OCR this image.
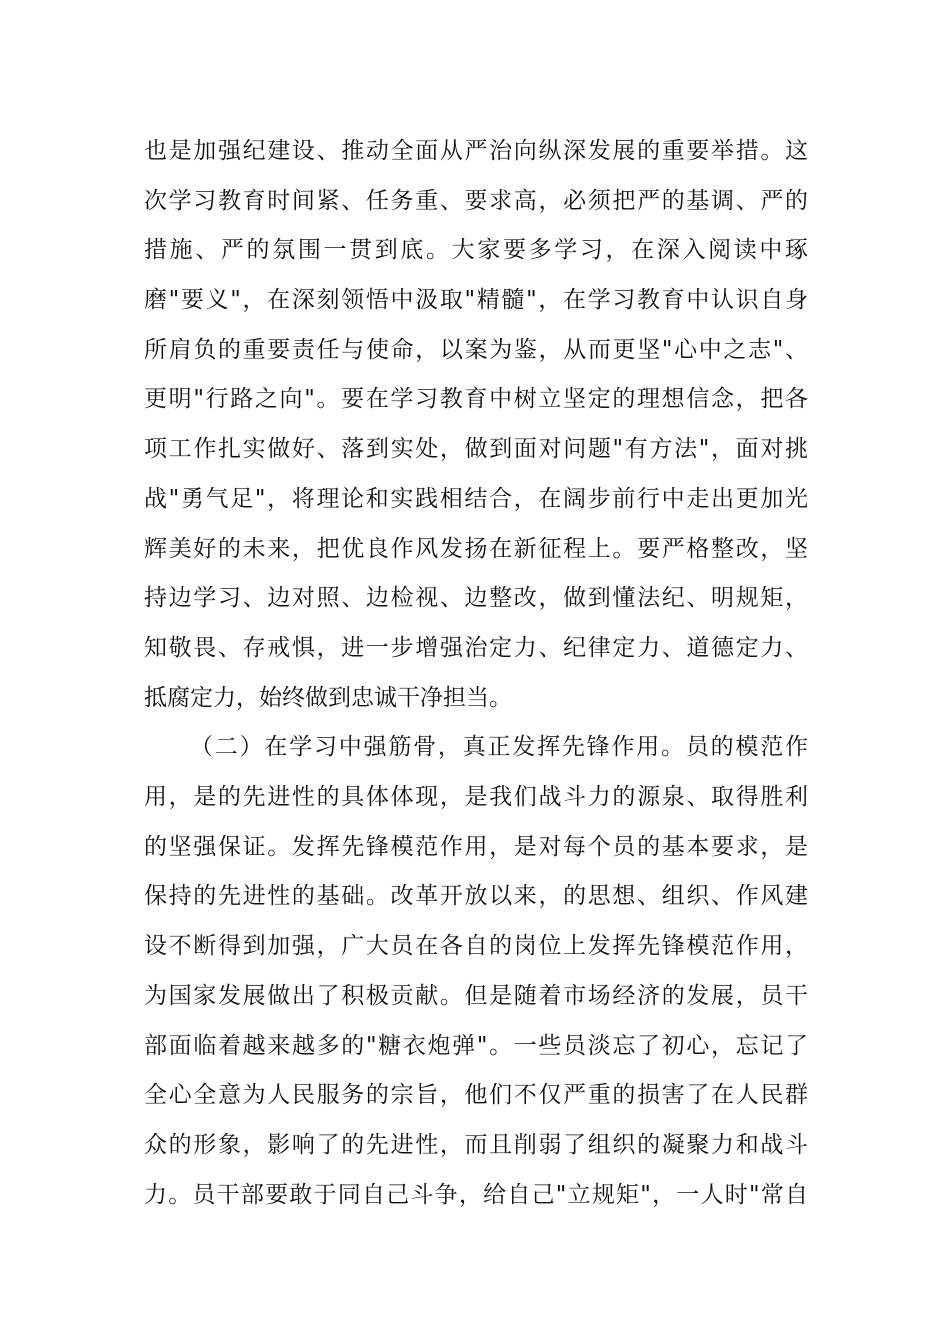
也是加强纪建设、推动全面从严治向纵深发展的重要举措。这
次学习教育时间紧、任务重、要求高，必须把严的基调、严的
措施、严的氛围一贯到底。大家要多学习，在深入阅读中琢
磨"要义"，在深刻领悟中汲取"精髓"，在学习教育中认识自身
所肩负的重要责任与使命，以案为鉴，从而更坚"心中之志"、
更明"行路之向"。要在学习教育中树立坚定的理想信念，把各
项工作扎实做好、落到实处，做到面对问题"有方法"，面对挑
战"勇气足"，将理论和实践相结合，在阔步前行中走出更加光
辉美好的未来，把优良作风发扬在新征程上。要严格整改，坚
持边学习、边对照、边检视、边整改，做到懂法纪、明规矩，
知敬畏、存戒惧，进一步增强治定力、纪律定力、道德定力、
抵腐定力，始终做到忠诚干净担当。
（二）在学习中强筋骨，真正发挥先锋作用。员的模范作
用，是的先进性的具体体现，是我们战斗力的源泉、取得胜利
的坚强保证。发挥先锋模范作用，是对每个员的基本要求，是
保持的先进性的基础。改革开放以来，的思想、组织、作风建
设不断得到加强，广大员在各自的岗位上发挥先锋模范作用，
为国家发展做出了积极贡献。但是随着市场经济的发展，员干
部面临着越来越多的"糖衣炮弹"。一些员淡忘了初心，忘记了
全心全意为人民服务的宗旨，他们不仅严重的损害了在人民群
众的形象，影响了的先进性，而且削弱了组织的凝聚力和战斗
力。员干部要敢于同自己斗争，给自己"立规矩"，一人时"常自
